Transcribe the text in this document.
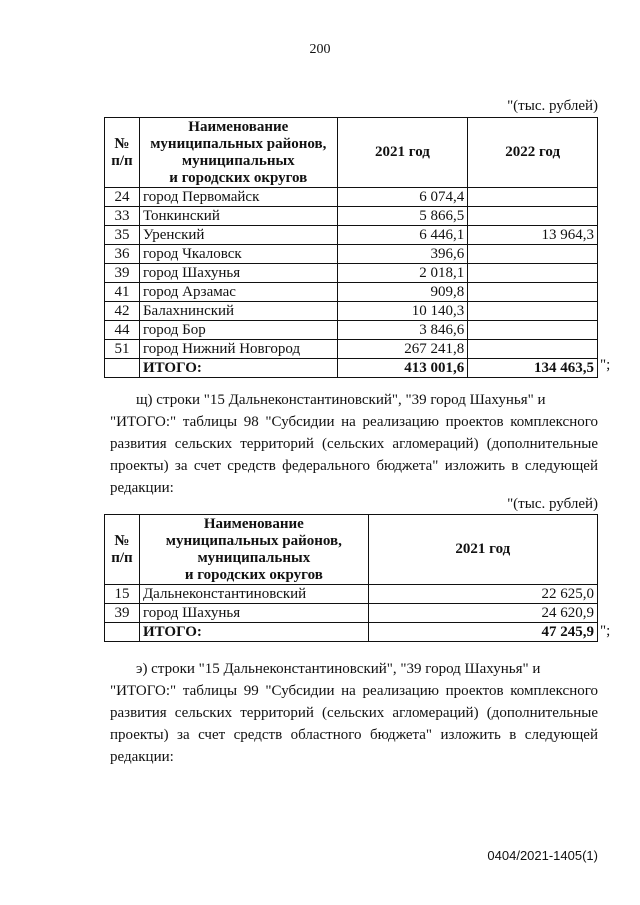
200
"(тыс. рублей)
№
п/п	Наименование
муниципальных районов,
муниципальных
и городских округов	2021 год	2022 год
24	город Первомайск	6 074,4	
33	Тонкинский	5 866,5	
35	Уренский	6 446,1	13 964,3
36	город Чкаловск	396,6	
39	город Шахунья	2 018,1	
41	город Арзамас	909,8	
42	Балахнинский	10 140,3	
44	город Бор	3 846,6	
51	город Нижний Новгород	267 241,8	
	ИТОГО:	413 001,6	134 463,5 ";
щ) строки "15 Дальнеконстантиновский", "39 город Шахунья" и
"ИТОГО:" таблицы 98 "Субсидии на реализацию проектов комплексного развития сельских территорий (сельских агломераций) (дополнительные проекты) за счет средств федерального бюджета" изложить в следующей редакции:
"(тыс. рублей)
№
п/п	Наименование
муниципальных районов,
муниципальных
и городских округов	2021 год
15	Дальнеконстантиновский	22 625,0
39	город Шахунья	24 620,9
	ИТОГО:	47 245,9 ";
э) строки "15 Дальнеконстантиновский", "39 город Шахунья" и
"ИТОГО:" таблицы 99 "Субсидии на реализацию проектов комплексного развития сельских территорий (сельских агломераций) (дополнительные проекты) за счет средств областного бюджета" изложить в следующей редакции:
0404/2021-1405(1)
